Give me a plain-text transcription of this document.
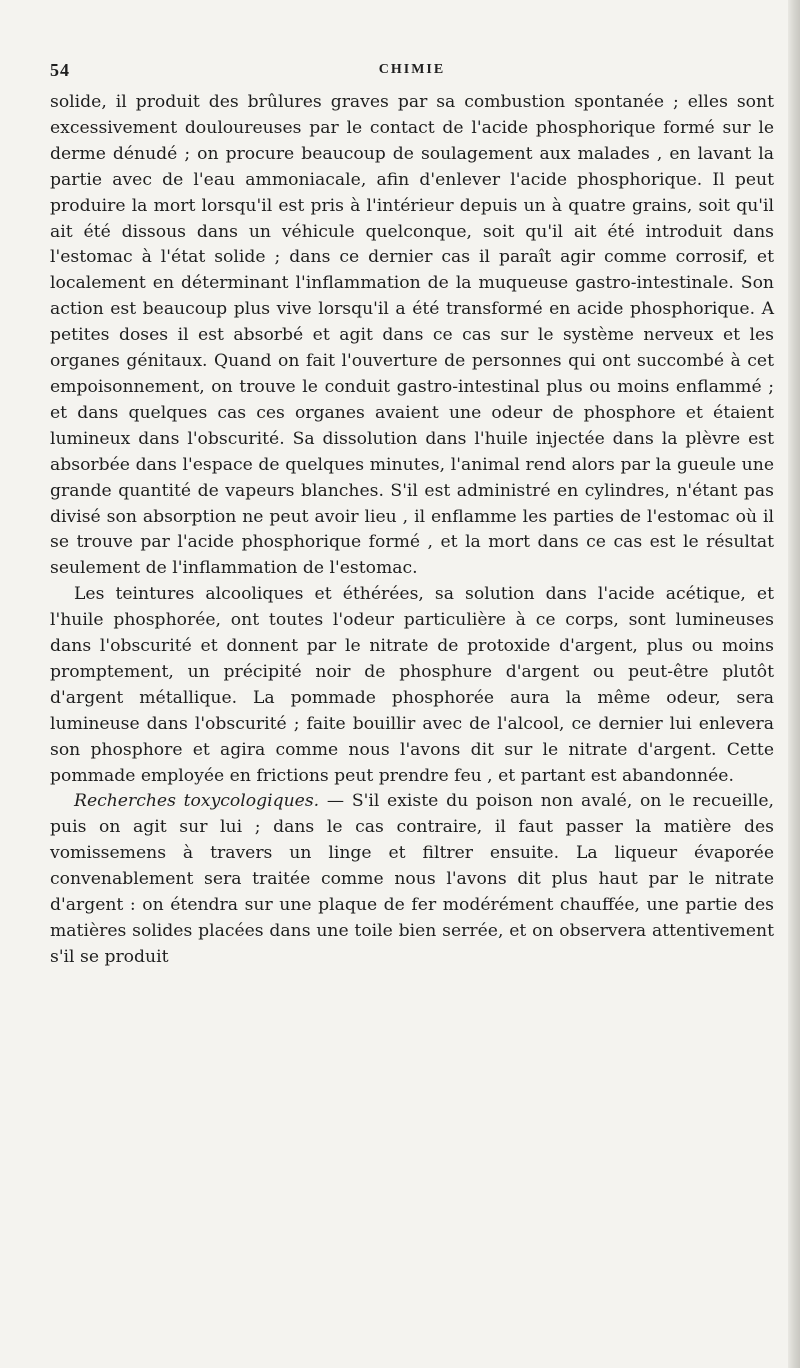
54	CHIMIE

solide, il produit des brûlures graves par sa combustion spontanée ; elles sont excessivement douloureuses par le contact de l'acide phosphorique formé sur le derme dénudé ; on procure beaucoup de soulagement aux malades , en lavant la partie avec de l'eau ammoniacale, afin d'enlever l'acide phosphorique. Il peut produire la mort lorsqu'il est pris à l'intérieur depuis un à quatre grains, soit qu'il ait été dissous dans un véhicule quelconque, soit qu'il ait été introduit dans l'estomac à l'état solide ; dans ce dernier cas il paraît agir comme corrosif, et localement en déterminant l'inflammation de la muqueuse gastro-intestinale. Son action est beaucoup plus vive lorsqu'il a été transformé en acide phosphorique. A petites doses il est absorbé et agit dans ce cas sur le système nerveux et les organes génitaux. Quand on fait l'ouverture de personnes qui ont succombé à cet empoisonnement, on trouve le conduit gastro-intestinal plus ou moins enflammé ; et dans quelques cas ces organes avaient une odeur de phosphore et étaient lumineux dans l'obscurité. Sa dissolution dans l'huile injectée dans la plèvre est absorbée dans l'espace de quelques minutes, l'animal rend alors par la gueule une grande quantité de vapeurs blanches. S'il est administré en cylindres, n'étant pas divisé son absorption ne peut avoir lieu , il enflamme les parties de l'estomac où il se trouve par l'acide phosphorique formé , et la mort dans ce cas est le résultat seulement de l'inflammation de l'estomac.

Les teintures alcooliques et éthérées, sa solution dans l'acide acétique, et l'huile phosphorée, ont toutes l'odeur particulière à ce corps, sont lumineuses dans l'obscurité et donnent par le nitrate de protoxide d'argent, plus ou moins promptement, un précipité noir de phosphure d'argent ou peut-être plutôt d'argent métallique. La pommade phosphorée aura la même odeur, sera lumineuse dans l'obscurité ; faite bouillir avec de l'alcool, ce dernier lui enlevera son phosphore et agira comme nous l'avons dit sur le nitrate d'argent. Cette pommade employée en frictions peut prendre feu , et partant est abandonnée.

Recherches toxycologiques. — S'il existe du poison non avalé, on le recueille, puis on agit sur lui ; dans le cas contraire, il faut passer la matière des vomissemens à travers un linge et filtrer ensuite. La liqueur évaporée convenablement sera traitée comme nous l'avons dit plus haut par le nitrate d'argent : on étendra sur une plaque de fer modérément chauffée, une partie des matières solides placées dans une toile bien serrée, et on observera attentivement s'il se produit
